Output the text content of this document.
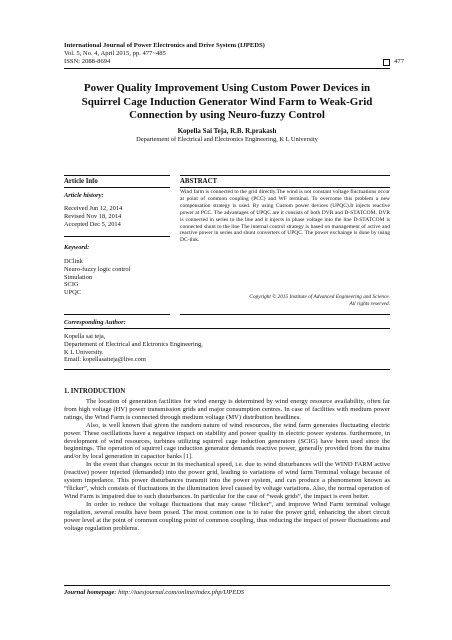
International Journal of Power Electronics and Drive System (IJPEDS)
Vol. 5, No. 4, April 2015, pp. 477~485
ISSN: 2088-8694	477
Power Quality Improvement Using Custom Power Devices in Squirrel Cage Induction Generator Wind Farm to Weak-Grid Connection by using Neuro-fuzzy Control
Kopella Sai Teja, R.B. R.prakash
Departement of Electrical and Electronics Engineering, K L University
Article Info	ABSTRACT
Article history:
Received Jun 12, 2014
Revised Nov 18, 2014
Accepted Dec 5, 2014
Keyword:
DClink
Neuro-fuzzy logic control
Simulation
SCIG
UPQC
Wind farm is connected to the grid directly.The wind is not constant voltage fluctuations occur at point of common coupling (PCC) and WF terminal. To overcome this problem a new compensation strategy is used. By using Custom power devices (UPQC).It injects reactive power at PCC. The advantages of UPQC are it consists of both DVR and D-STATCOM. DVR is connected in series to the line and it injects in phase voltage into the line D-STATCOM is connected shunt to the line The internal control strategy is based on management of active and reactive power in series and shunt converters of UPQC. The power exchainge is done by using DC-link.
Copyright © 2015 Institute of Advanced Engineering and Science.
All rights reserved.
Corresponding Author:
Kopella sai teja,
Departement of Electrical and Elctronics Engineering,
K L University.
Email: kopellasaiteja@live.com
1. INTRODUCTION

The location of generation facilities for wind energy is determined by wind energy resource availability, often far from high voltage (HV) power transmission grids and major consumption centres. In case of facilities with medium power ratings, the Wind Farm is connected through medium voltage (MV) distribution headlines.

Also, is well known that given the random nature of wind resources, the wind farm generates fluctuating electric power. These oscillations have a negative impact on stability and power quality in electric power systems. furthermore, in development of wind resources, turbines utilizing squirrel cage induction generators (SCIG) have been used since the beginnings. The operation of squirrel cage induction generator demands reactive power, generally provided from the mains and/or by local generation in capacitor banks [1].

In the event that changes occur in its mechanical speed, i.e. due to wind disturbances will the WIND FARM active (reactive) power injected (demanded) into the power grid, leading to variations of wind farm Terminal voltage because of system impedance. This power disturbances transmit into the power system, and can produce a phenomenon known as “flicker”, which consists of fluctuations in the illumination level caused by voltage variations. Also, the normal operation of Wind Farm is impaired due to such disturbances. In particular for the case of “weak grids”, the impact is even better.

In order to reduce the voltage fluctuations that may cause “flicker”, and improve Wind Farm terminal voltage regulation, several results have been posed. The most common one is to raise the power grid, enhancing the short circuit power level at the point of common coupling point of common coupling, thus reducing the impact of power fluctuations and voltage regulation problems.

Journal homepage: http://iaesjournal.com/online/index.php/IJPEDS
